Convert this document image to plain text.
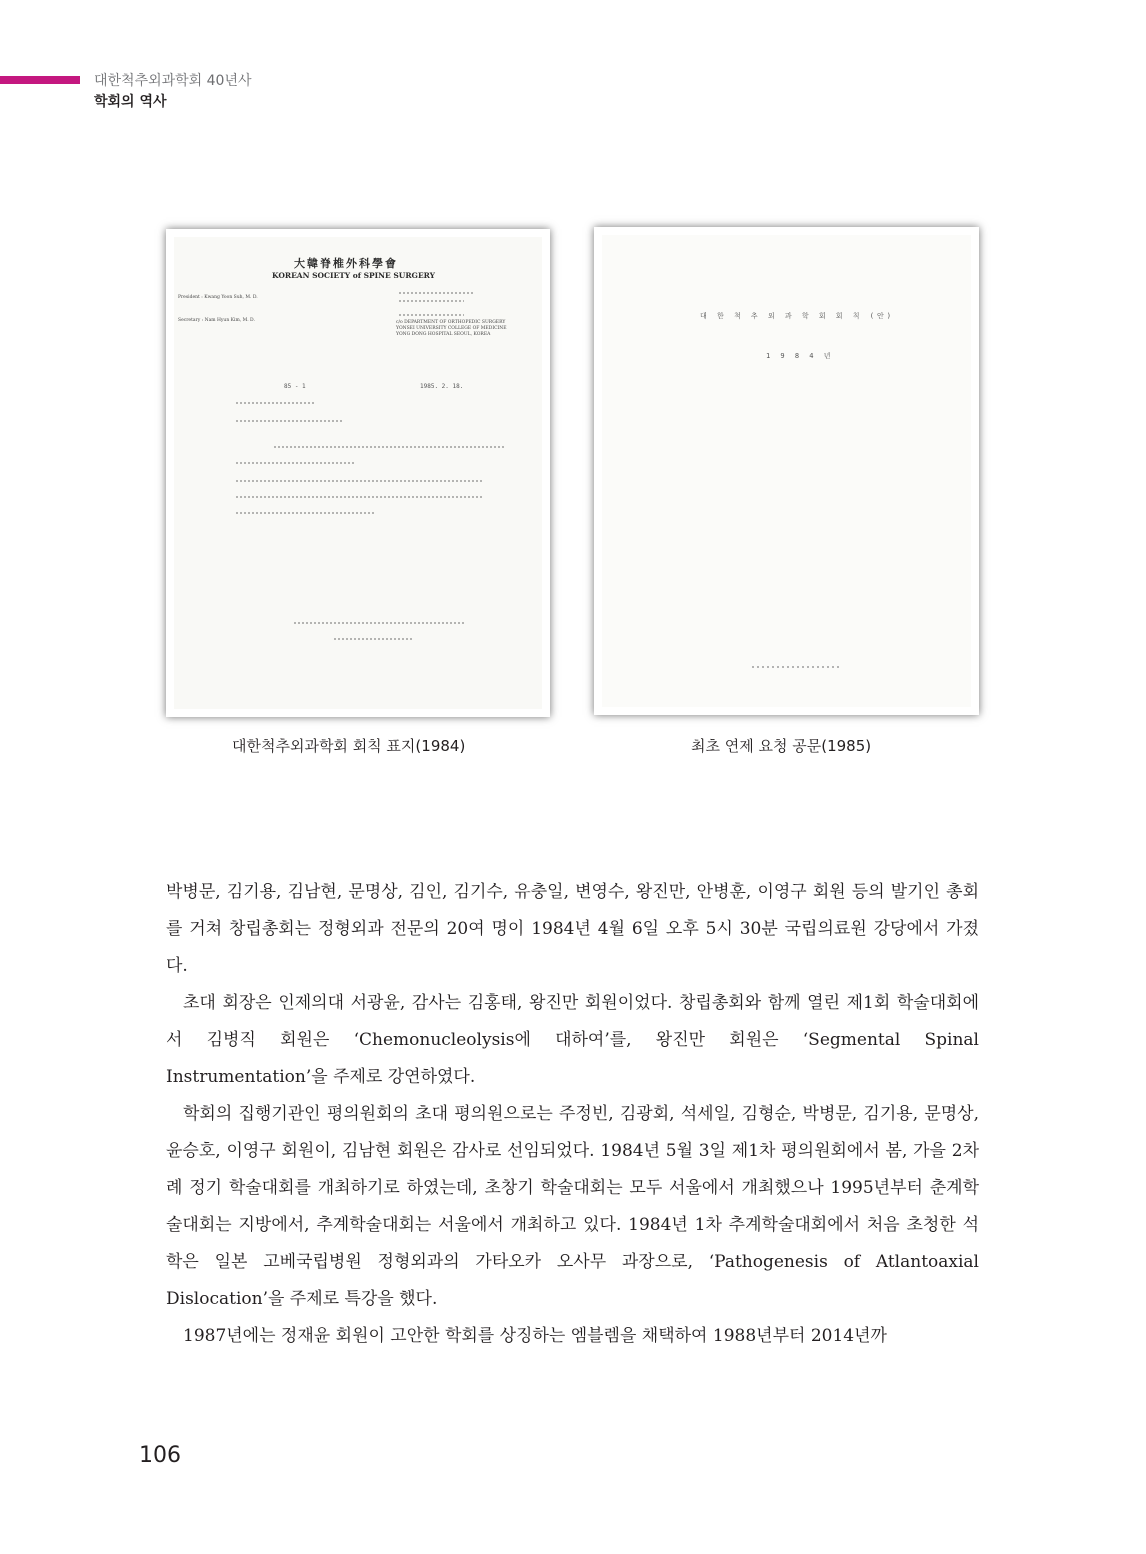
대한척추외과학회 40년사
학회의 역사
大韓脊椎外科學會
KOREAN SOCIETY of SPINE SURGERY
President : Kwang Yoon Suh, M. D.
Secretary : Nam Hyun Kim, M. D.	c/o DEPARTMENT OF ORTHOPEDIC SURGERY
YONSEI UNIVERSITY COLLEGE OF MEDICINE
YONG DONG HOSPITAL SEOUL, KOREA
85 - 1	1985. 2. 18.
대한척추외과학회 회칙 표지(1984)
대 한 척 추 외 과 학 회 회 칙 (안)
1 9 8 4 년
최초 연제 요청 공문(1985)

박병문, 김기용, 김남현, 문명상, 김인, 김기수, 유충일, 변영수, 왕진만, 안병훈, 이영구 회원 등의 발기인 총회를 거쳐 창립총회는 정형외과 전문의 20여 명이 1984년 4월 6일 오후 5시 30분 국립의료원 강당에서 가졌다.

초대 회장은 인제의대 서광윤, 감사는 김홍태, 왕진만 회원이었다. 창립총회와 함께 열린 제1회 학술대회에서 김병직 회원은 ‘Chemonucleolysis에 대하여’를, 왕진만 회원은 ‘Segmental Spinal Instrumentation’을 주제로 강연하였다.

학회의 집행기관인 평의원회의 초대 평의원으로는 주정빈, 김광회, 석세일, 김형순, 박병문, 김기용, 문명상, 윤승호, 이영구 회원이, 김남현 회원은 감사로 선임되었다. 1984년 5월 3일 제1차 평의원회에서 봄, 가을 2차례 정기 학술대회를 개최하기로 하였는데, 초창기 학술대회는 모두 서울에서 개최했으나 1995년부터 춘계학술대회는 지방에서, 추계학술대회는 서울에서 개최하고 있다. 1984년 1차 추계학술대회에서 처음 초청한 석학은 일본 고베국립병원 정형외과의 가타오카 오사무 과장으로, ‘Pathogenesis of Atlantoaxial Dislocation’을 주제로 특강을 했다.

1987년에는 정재윤 회원이 고안한 학회를 상징하는 엠블렘을 채택하여 1988년부터 2014년까

106
